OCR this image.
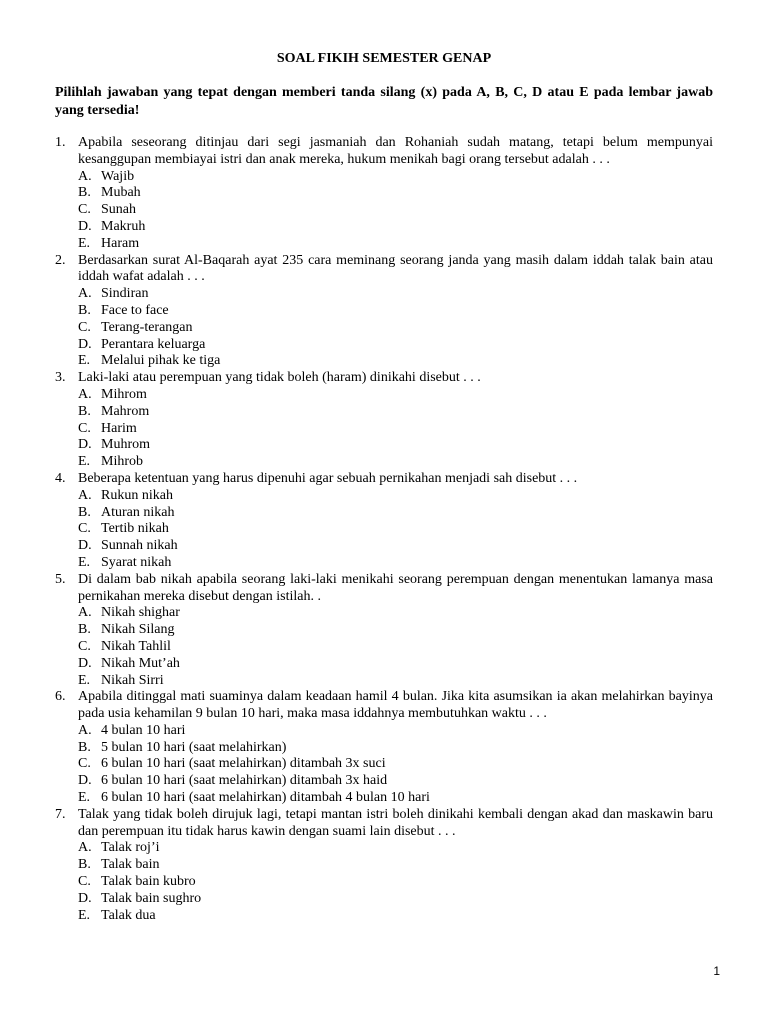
SOAL FIKIH SEMESTER GENAP
Pilihlah jawaban yang tepat dengan memberi tanda silang (x) pada A, B, C, D atau E pada lembar jawab yang tersedia!
1. Apabila seseorang ditinjau dari segi jasmaniah dan Rohaniah sudah matang, tetapi belum mempunyai kesanggupan membiayai istri dan anak mereka, hukum menikah bagi orang tersebut adalah . . .
A. Wajib
B. Mubah
C. Sunah
D. Makruh
E. Haram
2. Berdasarkan surat Al-Baqarah ayat 235 cara meminang seorang janda yang masih dalam iddah talak bain atau iddah wafat adalah . . .
A. Sindiran
B. Face to face
C. Terang-terangan
D. Perantara keluarga
E. Melalui pihak ke tiga
3. Laki-laki atau perempuan yang tidak boleh (haram) dinikahi disebut . . .
A. Mihrom
B. Mahrom
C. Harim
D. Muhrom
E. Mihrob
4. Beberapa ketentuan yang harus dipenuhi agar sebuah pernikahan menjadi sah disebut . . .
A. Rukun nikah
B. Aturan nikah
C. Tertib nikah
D. Sunnah nikah
E. Syarat nikah
5. Di dalam bab nikah apabila seorang laki-laki menikahi seorang perempuan dengan menentukan lamanya masa pernikahan mereka disebut dengan istilah. .
A. Nikah shighar
B. Nikah Silang
C. Nikah Tahlil
D. Nikah Mut’ah
E. Nikah Sirri
6. Apabila ditinggal mati suaminya dalam keadaan hamil 4 bulan. Jika kita asumsikan ia akan melahirkan bayinya pada usia kehamilan 9 bulan 10 hari, maka masa iddahnya membutuhkan waktu . . .
A. 4 bulan 10 hari
B. 5 bulan 10 hari (saat melahirkan)
C. 6 bulan 10 hari (saat melahirkan) ditambah 3x suci
D. 6 bulan 10 hari (saat melahirkan) ditambah 3x haid
E. 6 bulan 10 hari (saat melahirkan) ditambah 4 bulan 10 hari
7. Talak yang tidak boleh dirujuk lagi, tetapi mantan istri boleh dinikahi kembali dengan akad dan maskawin baru dan perempuan itu tidak harus kawin dengan suami lain disebut . . .
A. Talak roj’i
B. Talak bain
C. Talak bain kubro
D. Talak bain sughro
E. Talak dua
1
